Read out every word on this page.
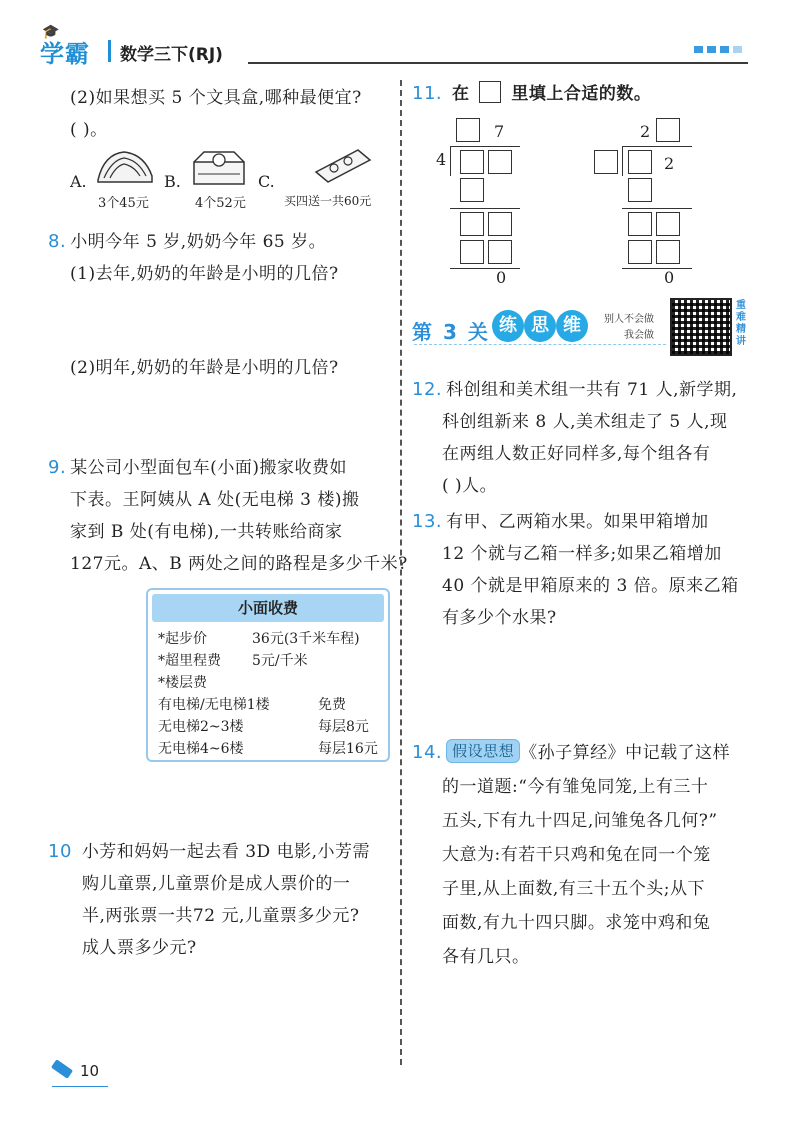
🎓
学霸 数学三下(RJ)
(2)如果想买 5 个文具盒,哪种最便宜?
( )。
A.
3个45元
B.
4个52元
C.
买四送一共60元
8. 小明今年 5 岁,奶奶今年 65 岁。
(1)去年,奶奶的年龄是小明的几倍?
(2)明年,奶奶的年龄是小明的几倍?
9. 某公司小型面包车(小面)搬家收费如
下表。王阿姨从 A 处(无电梯 3 楼)搬
家到 B 处(有电梯),一共转账给商家
127元。A、B 两处之间的路程是多少千米?
小面收费
*起步价	36元(3千米车程)
*超里程费 5元/千米
*楼层费
有电梯/无电梯1楼	免费
无电梯2~3楼	每层8元
无电梯4~6楼	每层16元
10 小芳和妈妈一起去看 3D 电影,小芳需
购儿童票,儿童票价是成人票价的一
半,两张票一共72 元,儿童票多少元?
成人票多少元?
11. 在 里填上合适的数。
7
4
0
2
2
0
第 3 关 练 思 维	别人不会做
我会做
重难精讲
12. 科创组和美术组一共有 71 人,新学期,
科创组新来 8 人,美术组走了 5 人,现
在两组人数正好同样多,每个组各有
( )人。
13. 有甲、乙两箱水果。如果甲箱增加
12 个就与乙箱一样多;如果乙箱增加
40 个就是甲箱原来的 3 倍。原来乙箱
有多少个水果?
14. 假设思想 《孙子算经》中记载了这样
的一道题:“今有雏兔同笼,上有三十
五头,下有九十四足,问雏兔各几何?”
大意为:有若干只鸡和兔在同一个笼
子里,从上面数,有三十五个头;从下
面数,有九十四只脚。求笼中鸡和兔
各有几只。
10
